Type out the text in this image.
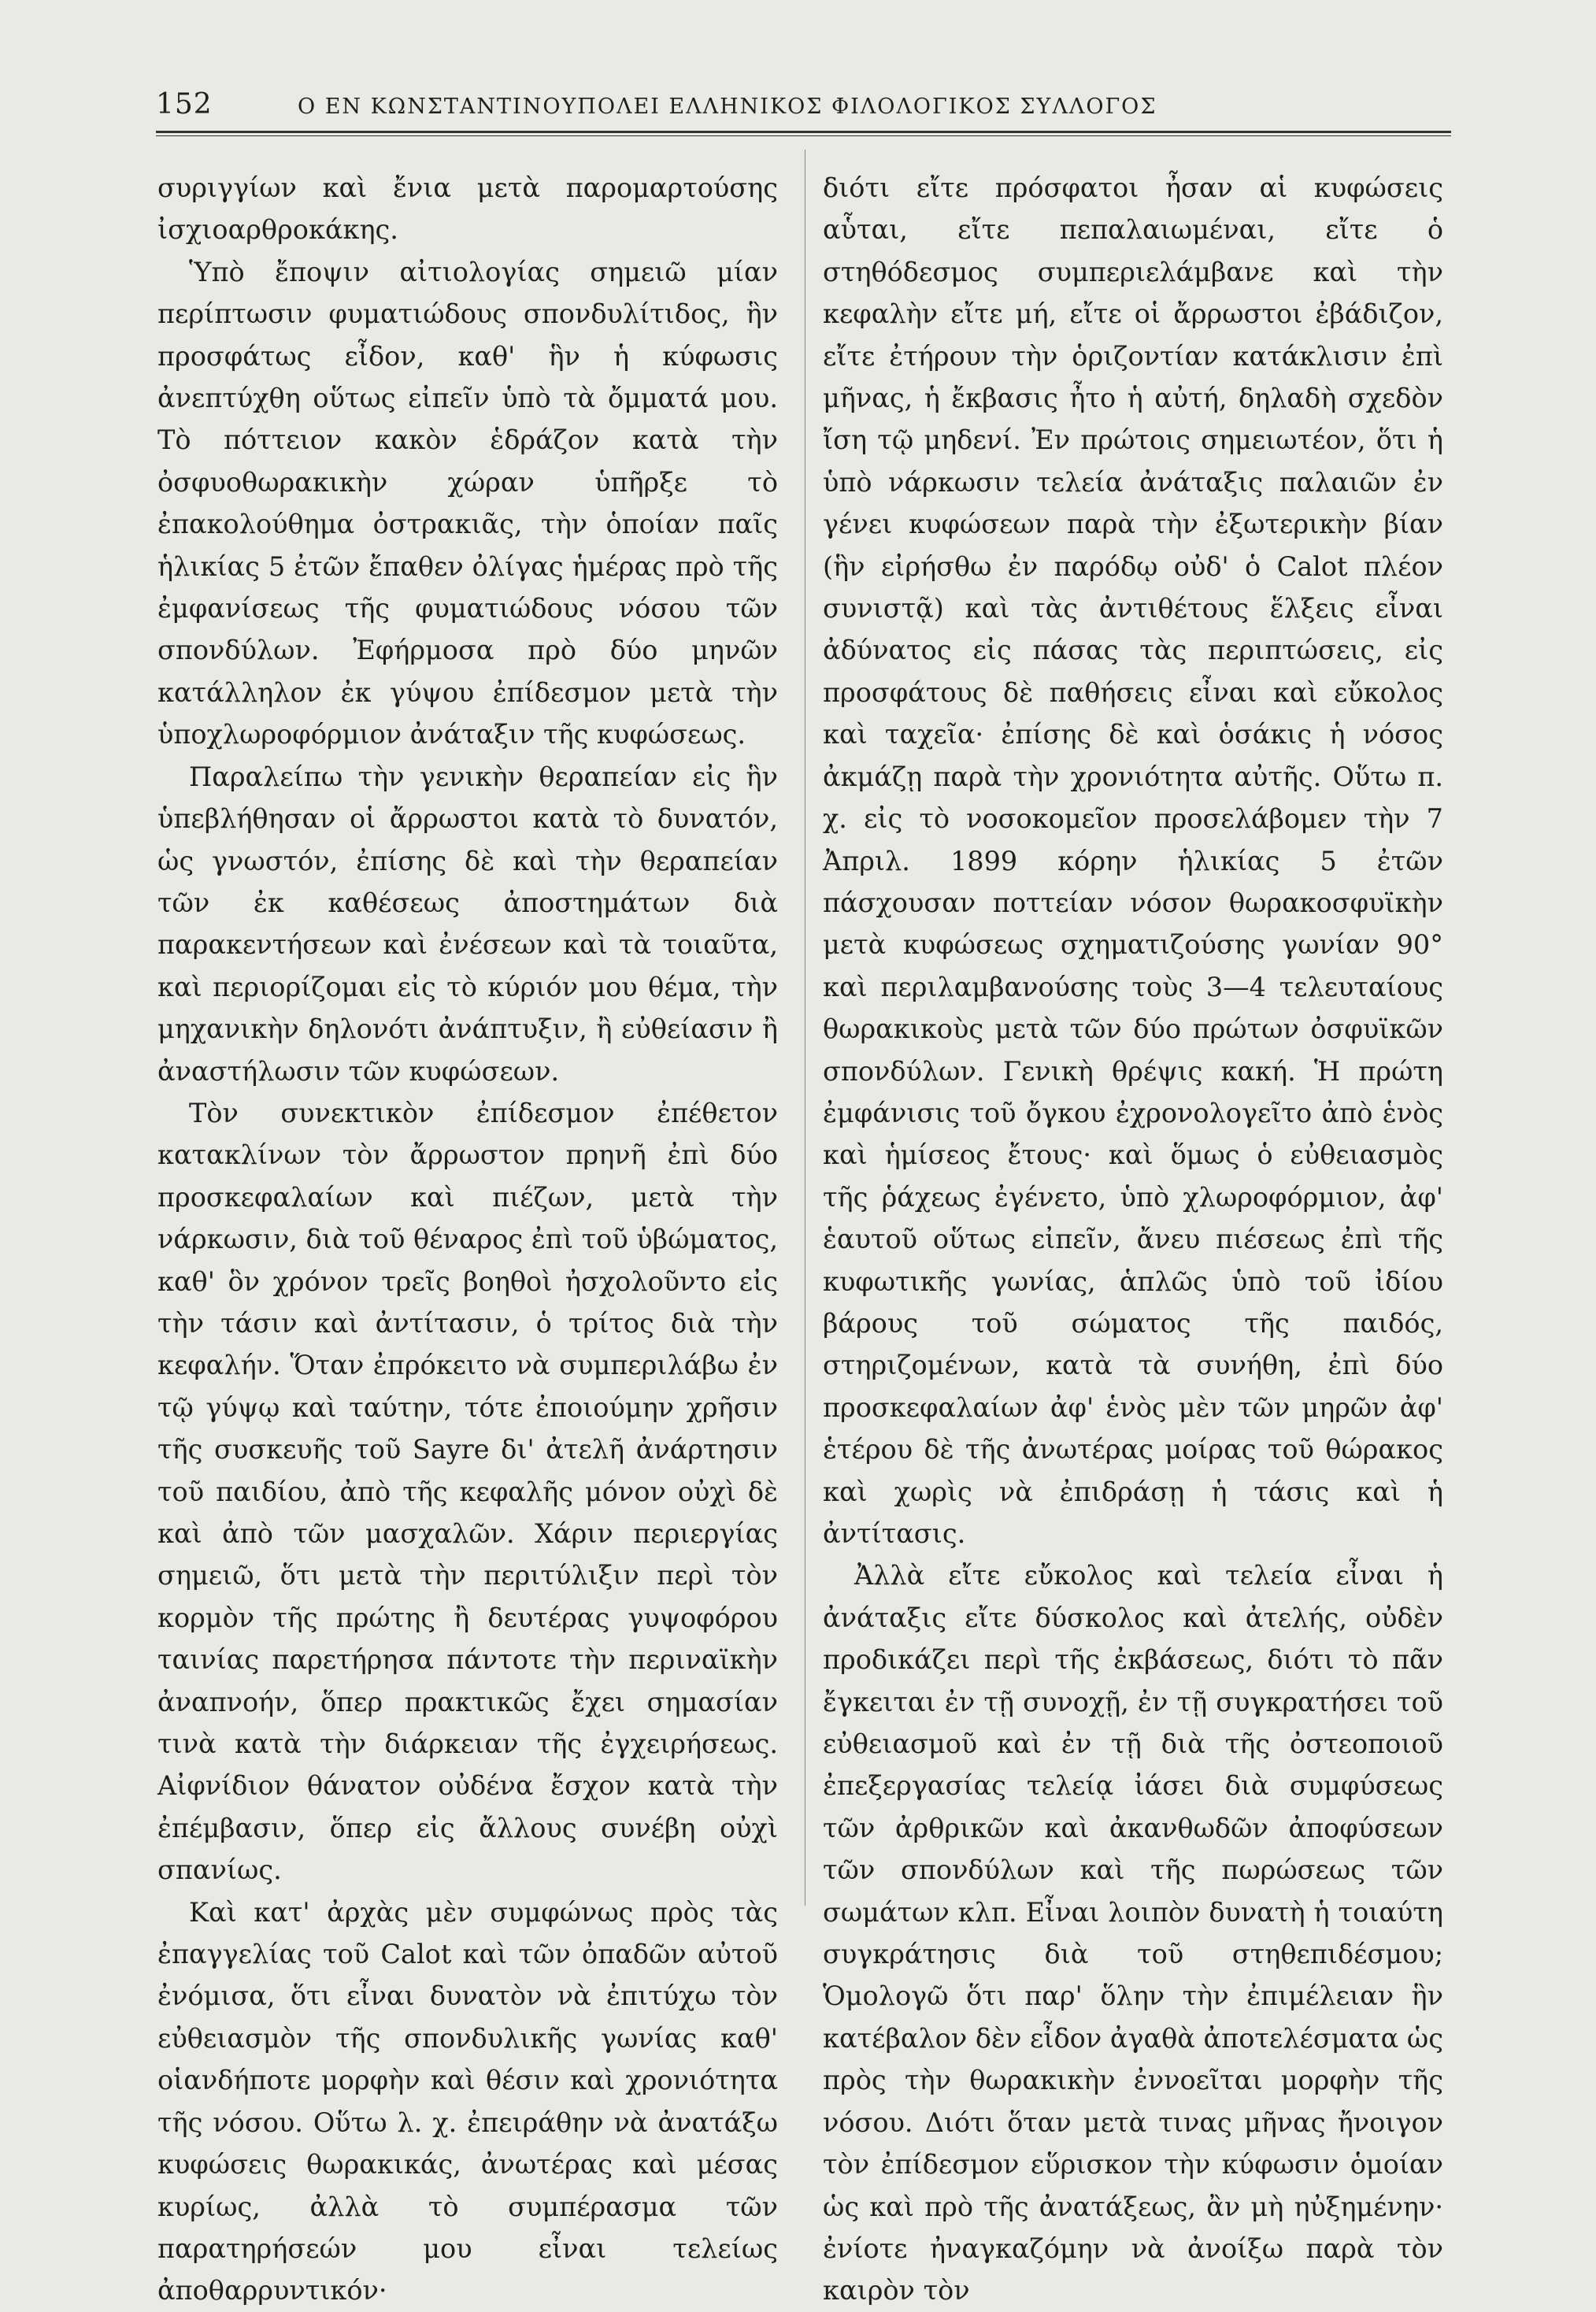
152	Ο ΕΝ ΚΩΝΣΤΑΝΤΙΝΟΥΠΟΛΕΙ ΕΛΛΗΝΙΚΟΣ ΦΙΛΟΛΟΓΙΚΟΣ ΣΥΛΛΟΓΟΣ

συριγγίων καὶ ἔνια μετὰ παρομαρτούσης ἰσχιοαρθροκάκης.

Ὑπὸ ἔποψιν αἰτιολογίας σημειῶ μίαν περίπτωσιν φυματιώδους σπονδυλίτιδος, ἣν προσφάτως εἶδον, καθ' ἣν ἡ κύφωσις ἀνεπτύχθη οὕτως εἰπεῖν ὑπὸ τὰ ὄμματά μου. Τὸ πόττειον κακὸν ἑδράζον κατὰ τὴν ὀσφυοθωρακικὴν χώραν ὑπῆρξε τὸ ἐπακολούθημα ὀστρακιᾶς, τὴν ὁποίαν παῖς ἡλικίας 5 ἐτῶν ἔπαθεν ὀλίγας ἡμέρας πρὸ τῆς ἐμφανίσεως τῆς φυματιώδους νόσου τῶν σπονδύλων. Ἐφήρμοσα πρὸ δύο μηνῶν κατάλληλον ἐκ γύψου ἐπίδεσμον μετὰ τὴν ὑποχλωροφόρμιον ἀνάταξιν τῆς κυφώσεως.

Παραλείπω τὴν γενικὴν θεραπείαν εἰς ἣν ὑπεβλήθησαν οἱ ἄρρωστοι κατὰ τὸ δυνατόν, ὡς γνωστόν, ἐπίσης δὲ καὶ τὴν θεραπείαν τῶν ἐκ καθέσεως ἀποστημάτων διὰ παρακεντήσεων καὶ ἐνέσεων καὶ τὰ τοιαῦτα, καὶ περιορίζομαι εἰς τὸ κύριόν μου θέμα, τὴν μηχανικὴν δηλονότι ἀνάπτυξιν, ἢ εὐθείασιν ἢ ἀναστήλωσιν τῶν κυφώσεων.

Τὸν συνεκτικὸν ἐπίδεσμον ἐπέθετον κατακλίνων τὸν ἄρρωστον πρηνῆ ἐπὶ δύο προσκεφαλαίων καὶ πιέζων, μετὰ τὴν νάρκωσιν, διὰ τοῦ θέναρος ἐπὶ τοῦ ὑβώματος, καθ' ὃν χρόνον τρεῖς βοηθοὶ ἠσχολοῦντο εἰς τὴν τάσιν καὶ ἀντίτασιν, ὁ τρίτος διὰ τὴν κεφαλήν. Ὅταν ἐπρόκειτο νὰ συμπεριλάβω ἐν τῷ γύψῳ καὶ ταύτην, τότε ἐποιούμην χρῆσιν τῆς συσκευῆς τοῦ Sayre δι' ἀτελῆ ἀνάρτησιν τοῦ παιδίου, ἀπὸ τῆς κεφαλῆς μόνον οὐχὶ δὲ καὶ ἀπὸ τῶν μασχαλῶν. Χάριν περιεργίας σημειῶ, ὅτι μετὰ τὴν περιτύλιξιν περὶ τὸν κορμὸν τῆς πρώτης ἢ δευτέρας γυψοφόρου ταινίας παρετήρησα πάντοτε τὴν περιναϊκὴν ἀναπνοήν, ὅπερ πρακτικῶς ἔχει σημασίαν τινὰ κατὰ τὴν διάρκειαν τῆς ἐγχειρήσεως. Αἰφνίδιον θάνατον οὐδένα ἔσχον κατὰ τὴν ἐπέμβασιν, ὅπερ εἰς ἄλλους συνέβη οὐχὶ σπανίως.

Καὶ κατ' ἀρχὰς μὲν συμφώνως πρὸς τὰς ἐπαγγελίας τοῦ Calot καὶ τῶν ὀπαδῶν αὐτοῦ ἐνόμισα, ὅτι εἶναι δυνατὸν νὰ ἐπιτύχω τὸν εὐθειασμὸν τῆς σπονδυλικῆς γωνίας καθ' οἱανδήποτε μορφὴν καὶ θέσιν καὶ χρονιότητα τῆς νόσου. Οὕτω λ. χ. ἐπειράθην νὰ ἀνατάξω κυφώσεις θωρακικάς, ἀνωτέρας καὶ μέσας κυρίως, ἀλλὰ τὸ συμπέρασμα τῶν παρατηρήσεών μου εἶναι τελείως ἀποθαρρυντικόν·

διότι εἴτε πρόσφατοι ἦσαν αἱ κυφώσεις αὗται, εἴτε πεπαλαιωμέναι, εἴτε ὁ στηθόδεσμος συμπεριελάμβανε καὶ τὴν κεφαλὴν εἴτε μή, εἴτε οἱ ἄρρωστοι ἐβάδιζον, εἴτε ἐτήρουν τὴν ὁριζοντίαν κατάκλισιν ἐπὶ μῆνας, ἡ ἔκβασις ἦτο ἡ αὐτή, δηλαδὴ σχεδὸν ἴση τῷ μηδενί. Ἐν πρώτοις σημειωτέον, ὅτι ἡ ὑπὸ νάρκωσιν τελεία ἀνάταξις παλαιῶν ἐν γένει κυφώσεων παρὰ τὴν ἐξωτερικὴν βίαν (ἣν εἰρήσθω ἐν παρόδῳ οὐδ' ὁ Calot πλέον συνιστᾷ) καὶ τὰς ἀντιθέτους ἕλξεις εἶναι ἀδύνατος εἰς πάσας τὰς περιπτώσεις, εἰς προσφάτους δὲ παθήσεις εἶναι καὶ εὔκολος καὶ ταχεῖα· ἐπίσης δὲ καὶ ὁσάκις ἡ νόσος ἀκμάζῃ παρὰ τὴν χρονιότητα αὐτῆς. Οὕτω π. χ. εἰς τὸ νοσοκομεῖον προσελάβομεν τὴν 7 Ἀπριλ. 1899 κόρην ἡλικίας 5 ἐτῶν πάσχουσαν ποττείαν νόσον θωρακοσφυϊκὴν μετὰ κυφώσεως σχηματιζούσης γωνίαν 90° καὶ περιλαμβανούσης τοὺς 3—4 τελευταίους θωρακικοὺς μετὰ τῶν δύο πρώτων ὀσφυϊκῶν σπονδύλων. Γενικὴ θρέψις κακή. Ἡ πρώτη ἐμφάνισις τοῦ ὄγκου ἐχρονολογεῖτο ἀπὸ ἑνὸς καὶ ἡμίσεος ἔτους· καὶ ὅμως ὁ εὐθειασμὸς τῆς ῥάχεως ἐγένετο, ὑπὸ χλωροφόρμιον, ἀφ' ἑαυτοῦ οὕτως εἰπεῖν, ἄνευ πιέσεως ἐπὶ τῆς κυφωτικῆς γωνίας, ἁπλῶς ὑπὸ τοῦ ἰδίου βάρους τοῦ σώματος τῆς παιδός, στηριζομένων, κατὰ τὰ συνήθη, ἐπὶ δύο προσκεφαλαίων ἀφ' ἑνὸς μὲν τῶν μηρῶν ἀφ' ἑτέρου δὲ τῆς ἀνωτέρας μοίρας τοῦ θώρακος καὶ χωρὶς νὰ ἐπιδράσῃ ἡ τάσις καὶ ἡ ἀντίτασις.

Ἀλλὰ εἴτε εὔκολος καὶ τελεία εἶναι ἡ ἀνάταξις εἴτε δύσκολος καὶ ἀτελής, οὐδὲν προδικάζει περὶ τῆς ἐκβάσεως, διότι τὸ πᾶν ἔγκειται ἐν τῇ συνοχῇ, ἐν τῇ συγκρατήσει τοῦ εὐθειασμοῦ καὶ ἐν τῇ διὰ τῆς ὀστεοποιοῦ ἐπεξεργασίας τελείᾳ ἰάσει διὰ συμφύσεως τῶν ἀρθρικῶν καὶ ἀκανθωδῶν ἀποφύσεων τῶν σπονδύλων καὶ τῆς πωρώσεως τῶν σωμάτων κλπ. Εἶναι λοιπὸν δυνατὴ ἡ τοιαύτη συγκράτησις διὰ τοῦ στηθεπιδέσμου; Ὁμολογῶ ὅτι παρ' ὅλην τὴν ἐπιμέλειαν ἣν κατέβαλον δὲν εἶδον ἀγαθὰ ἀποτελέσματα ὡς πρὸς τὴν θωρακικὴν ἐννοεῖται μορφὴν τῆς νόσου. Διότι ὅταν μετὰ τινας μῆνας ἤνοιγον τὸν ἐπίδεσμον εὕρισκον τὴν κύφωσιν ὁμοίαν ὡς καὶ πρὸ τῆς ἀνατάξεως, ἂν μὴ ηὐξημένην· ἐνίοτε ἠναγκαζόμην νὰ ἀνοίξω παρὰ τὸν καιρὸν τὸν
